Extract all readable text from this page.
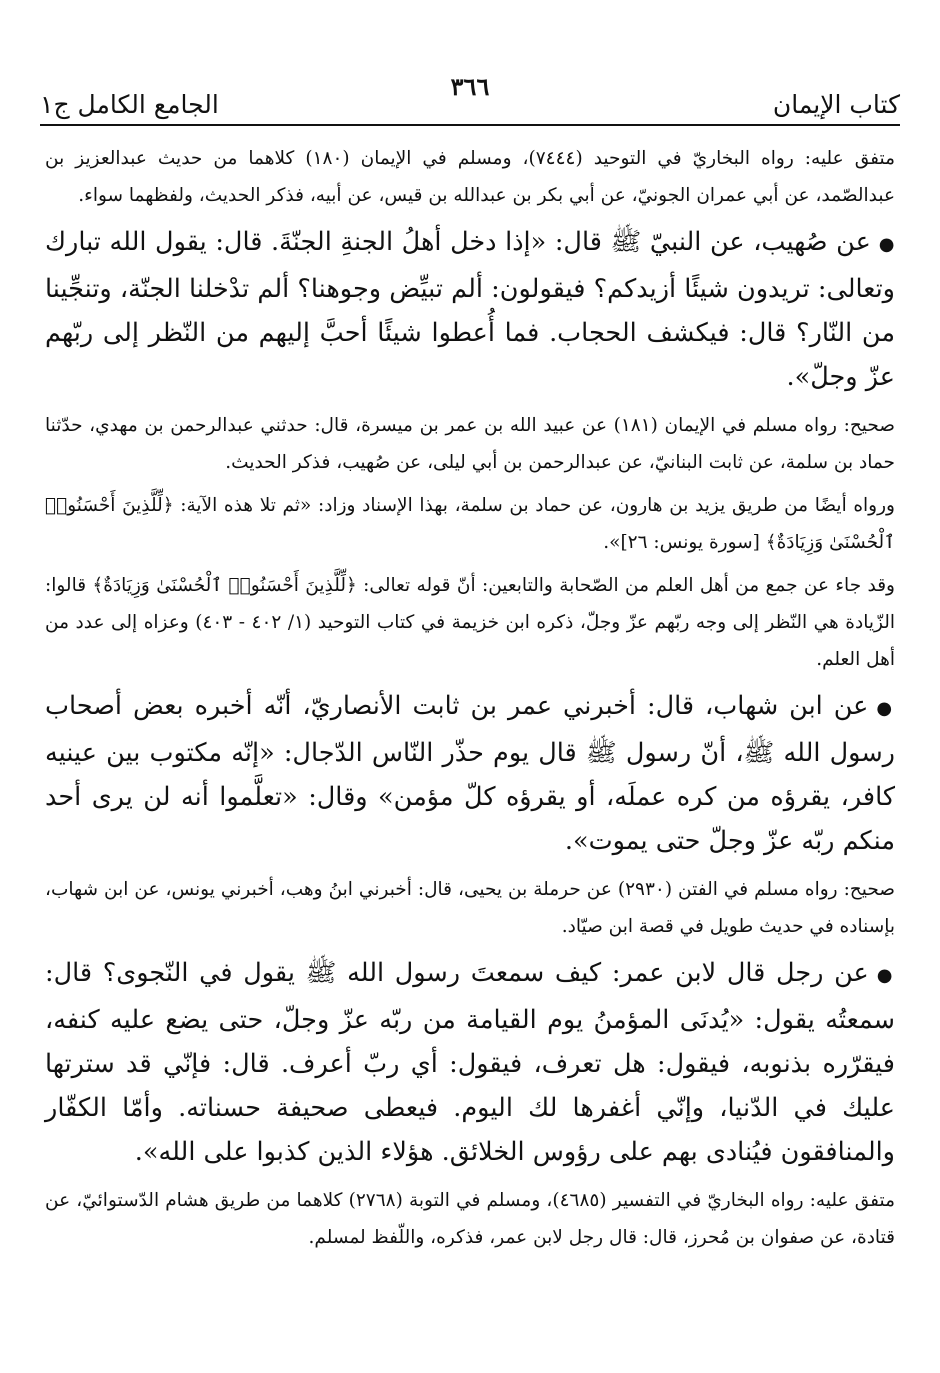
كتاب الإيمان
٣٦٦
الجامع الكامل ج١

متفق عليه: رواه البخاريّ في التوحيد (٧٤٤٤)، ومسلم في الإيمان (١٨٠) كلاهما من حديث عبدالعزيز بن عبدالصّمد، عن أبي عمران الجونيّ، عن أبي بكر بن عبدالله بن قيس، عن أبيه، فذكر الحديث، ولفظهما سواء.

●عن صُهيب، عن النبيّ ﷺ قال: «إذا دخل أهلُ الجنةِ الجنّةَ. قال: يقول الله تبارك وتعالى: تريدون شيئًا أزيدكم؟ فيقولون: ألم تبيِّض وجوهنا؟ ألم تدْخلنا الجنّة، وتنجِّينا من النّار؟ قال: فيكشف الحجاب. فما أُعطوا شيئًا أحبَّ إليهم من النّظر إلى ربّهم عزّ وجلّ».

صحيح: رواه مسلم في الإيمان (١٨١) عن عبيد الله بن عمر بن ميسرة، قال: حدثني عبدالرحمن بن مهدي، حدّثنا حماد بن سلمة، عن ثابت البنانيّ، عن عبدالرحمن بن أبي ليلى، عن صُهيب، فذكر الحديث.

ورواه أيضًا من طريق يزيد بن هارون، عن حماد بن سلمة، بهذا الإسناد وزاد: «ثم تلا هذه الآية: ﴿لِّلَّذِينَ أَحْسَنُوا۟ ٱلْحُسْنَىٰ وَزِيَادَةٌ﴾ [سورة يونس: ٢٦]».

وقد جاء عن جمع من أهل العلم من الصّحابة والتابعين: أنّ قوله تعالى: ﴿لِّلَّذِينَ أَحْسَنُوا۟ ٱلْحُسْنَىٰ وَزِيَادَةٌ﴾ قالوا: الزّيادة هي النّظر إلى وجه ربّهم عزّ وجلّ، ذكره ابن خزيمة في كتاب التوحيد (١/ ٤٠٢ - ٤٠٣) وعزاه إلى عدد من أهل العلم.

●عن ابن شهاب، قال: أخبرني عمر بن ثابت الأنصاريّ، أنّه أخبره بعض أصحاب رسول الله ﷺ، أنّ رسول ﷺ قال يوم حذّر النّاس الدّجال: «إنّه مكتوب بين عينيه كافر، يقرؤه من كره عملَه، أو يقرؤه كلّ مؤمن» وقال: «تعلَّموا أنه لن يرى أحد منكم ربّه عزّ وجلّ حتى يموت».

صحيح: رواه مسلم في الفتن (٢٩٣٠) عن حرملة بن يحيى، قال: أخبرني ابنُ وهب، أخبرني يونس، عن ابن شهاب، بإسناده في حديث طويل في قصة ابن صيّاد.

●عن رجل قال لابن عمر: كيف سمعتَ رسول الله ﷺ يقول في النّجوى؟ قال: سمعتُه يقول: «يُدنَى المؤمنُ يوم القيامة من ربّه عزّ وجلّ، حتى يضع عليه كنفه، فيقرّره بذنوبه، فيقول: هل تعرف، فيقول: أي ربّ أعرف. قال: فإنّي قد سترتها عليك في الدّنيا، وإنّي أغفرها لك اليوم. فيعطى صحيفة حسناته. وأمّا الكفّار والمنافقون فيُنادى بهم على رؤوس الخلائق. هؤلاء الذين كذبوا على الله».

متفق عليه: رواه البخاريّ في التفسير (٤٦٨٥)، ومسلم في التوبة (٢٧٦٨) كلاهما من طريق هشام الدّستوائيّ، عن قتادة، عن صفوان بن مُحرز، قال: قال رجل لابن عمر، فذكره، واللّفظ لمسلم.
